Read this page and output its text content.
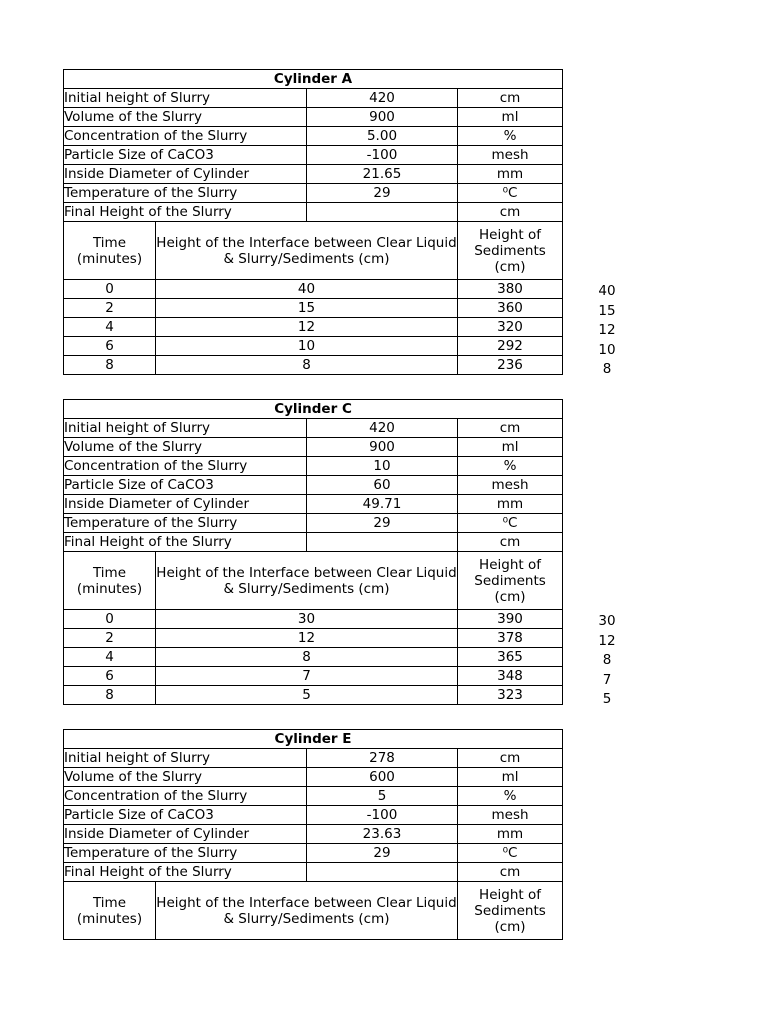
Cylinder A			
Initial height of Slurry		420	cm
Volume of the Slurry		900	ml
Concentration of the Slurry		5.00	%
Particle Size of CaCO3		-100	mesh
Inside Diameter of Cylinder		21.65	mm
Temperature of the Slurry		29	⁰C
Final Height of the Slurry			cm
Time (minutes)	Height of the Interface between Clear Liquid & Slurry/Sediments (cm)		Height of Sediments (cm)
0	40		380
2	15		360
4	12		320
6	10		292
8	8		236
40
15
12
10
8
Cylinder C			
Initial height of Slurry		420	cm
Volume of the Slurry		900	ml
Concentration of the Slurry		10	%
Particle Size of CaCO3		60	mesh
Inside Diameter of Cylinder		49.71	mm
Temperature of the Slurry		29	⁰C
Final Height of the Slurry			cm
Time (minutes)	Height of the Interface between Clear Liquid & Slurry/Sediments (cm)		Height of Sediments (cm)
0	30		390
2	12		378
4	8		365
6	7		348
8	5		323
30
12
8
7
5
Cylinder E			
Initial height of Slurry		278	cm
Volume of the Slurry		600	ml
Concentration of the Slurry		5	%
Particle Size of CaCO3		-100	mesh
Inside Diameter of Cylinder		23.63	mm
Temperature of the Slurry		29	⁰C
Final Height of the Slurry			cm
Time (minutes)	Height of the Interface between Clear Liquid & Slurry/Sediments (cm)		Height of Sediments (cm)
